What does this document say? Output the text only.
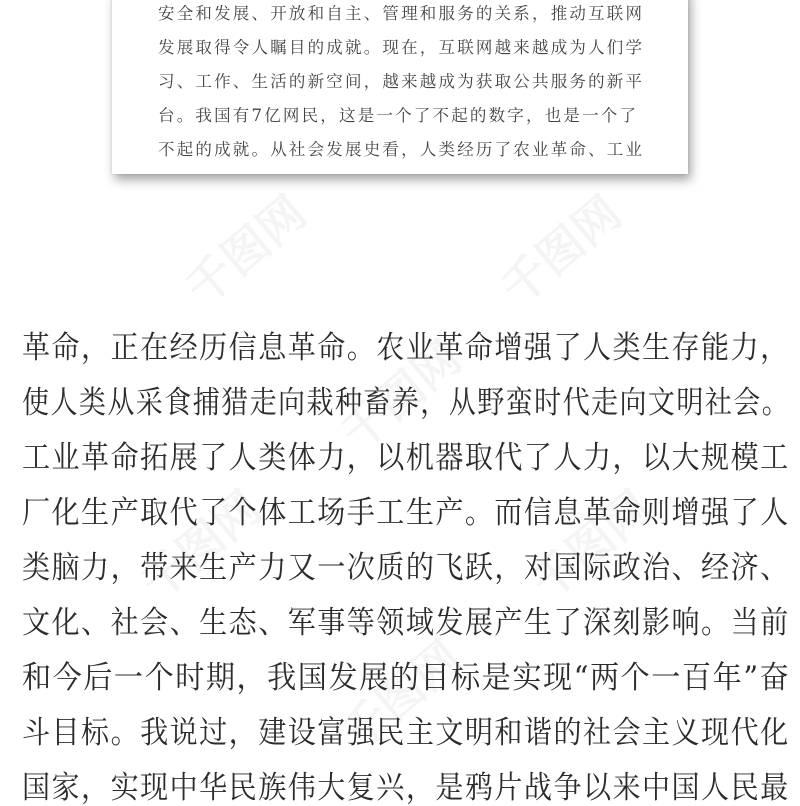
安全和发展、开放和自主、管理和服务的关系，推动互联网
发展取得令人瞩目的成就。现在，互联网越来越成为人们学
习、工作、生活的新空间，越来越成为获取公共服务的新平
台。我国有7亿网民，这是一个了不起的数字，也是一个了
不起的成就。从社会发展史看，人类经历了农业革命、工业
革命，正在经历信息革命。农业革命增强了人类生存能力，
使人类从采食捕猎走向栽种畜养，从野蛮时代走向文明社会。
工业革命拓展了人类体力，以机器取代了人力，以大规模工
厂化生产取代了个体工场手工生产。而信息革命则增强了人
类脑力，带来生产力又一次质的飞跃，对国际政治、经济、
文化、社会、生态、军事等领域发展产生了深刻影响。当前
和今后一个时期，我国发展的目标是实现“两个一百年”奋
斗目标。我说过，建设富强民主文明和谐的社会主义现代化
国家，实现中华民族伟大复兴，是鸦片战争以来中国人民最
